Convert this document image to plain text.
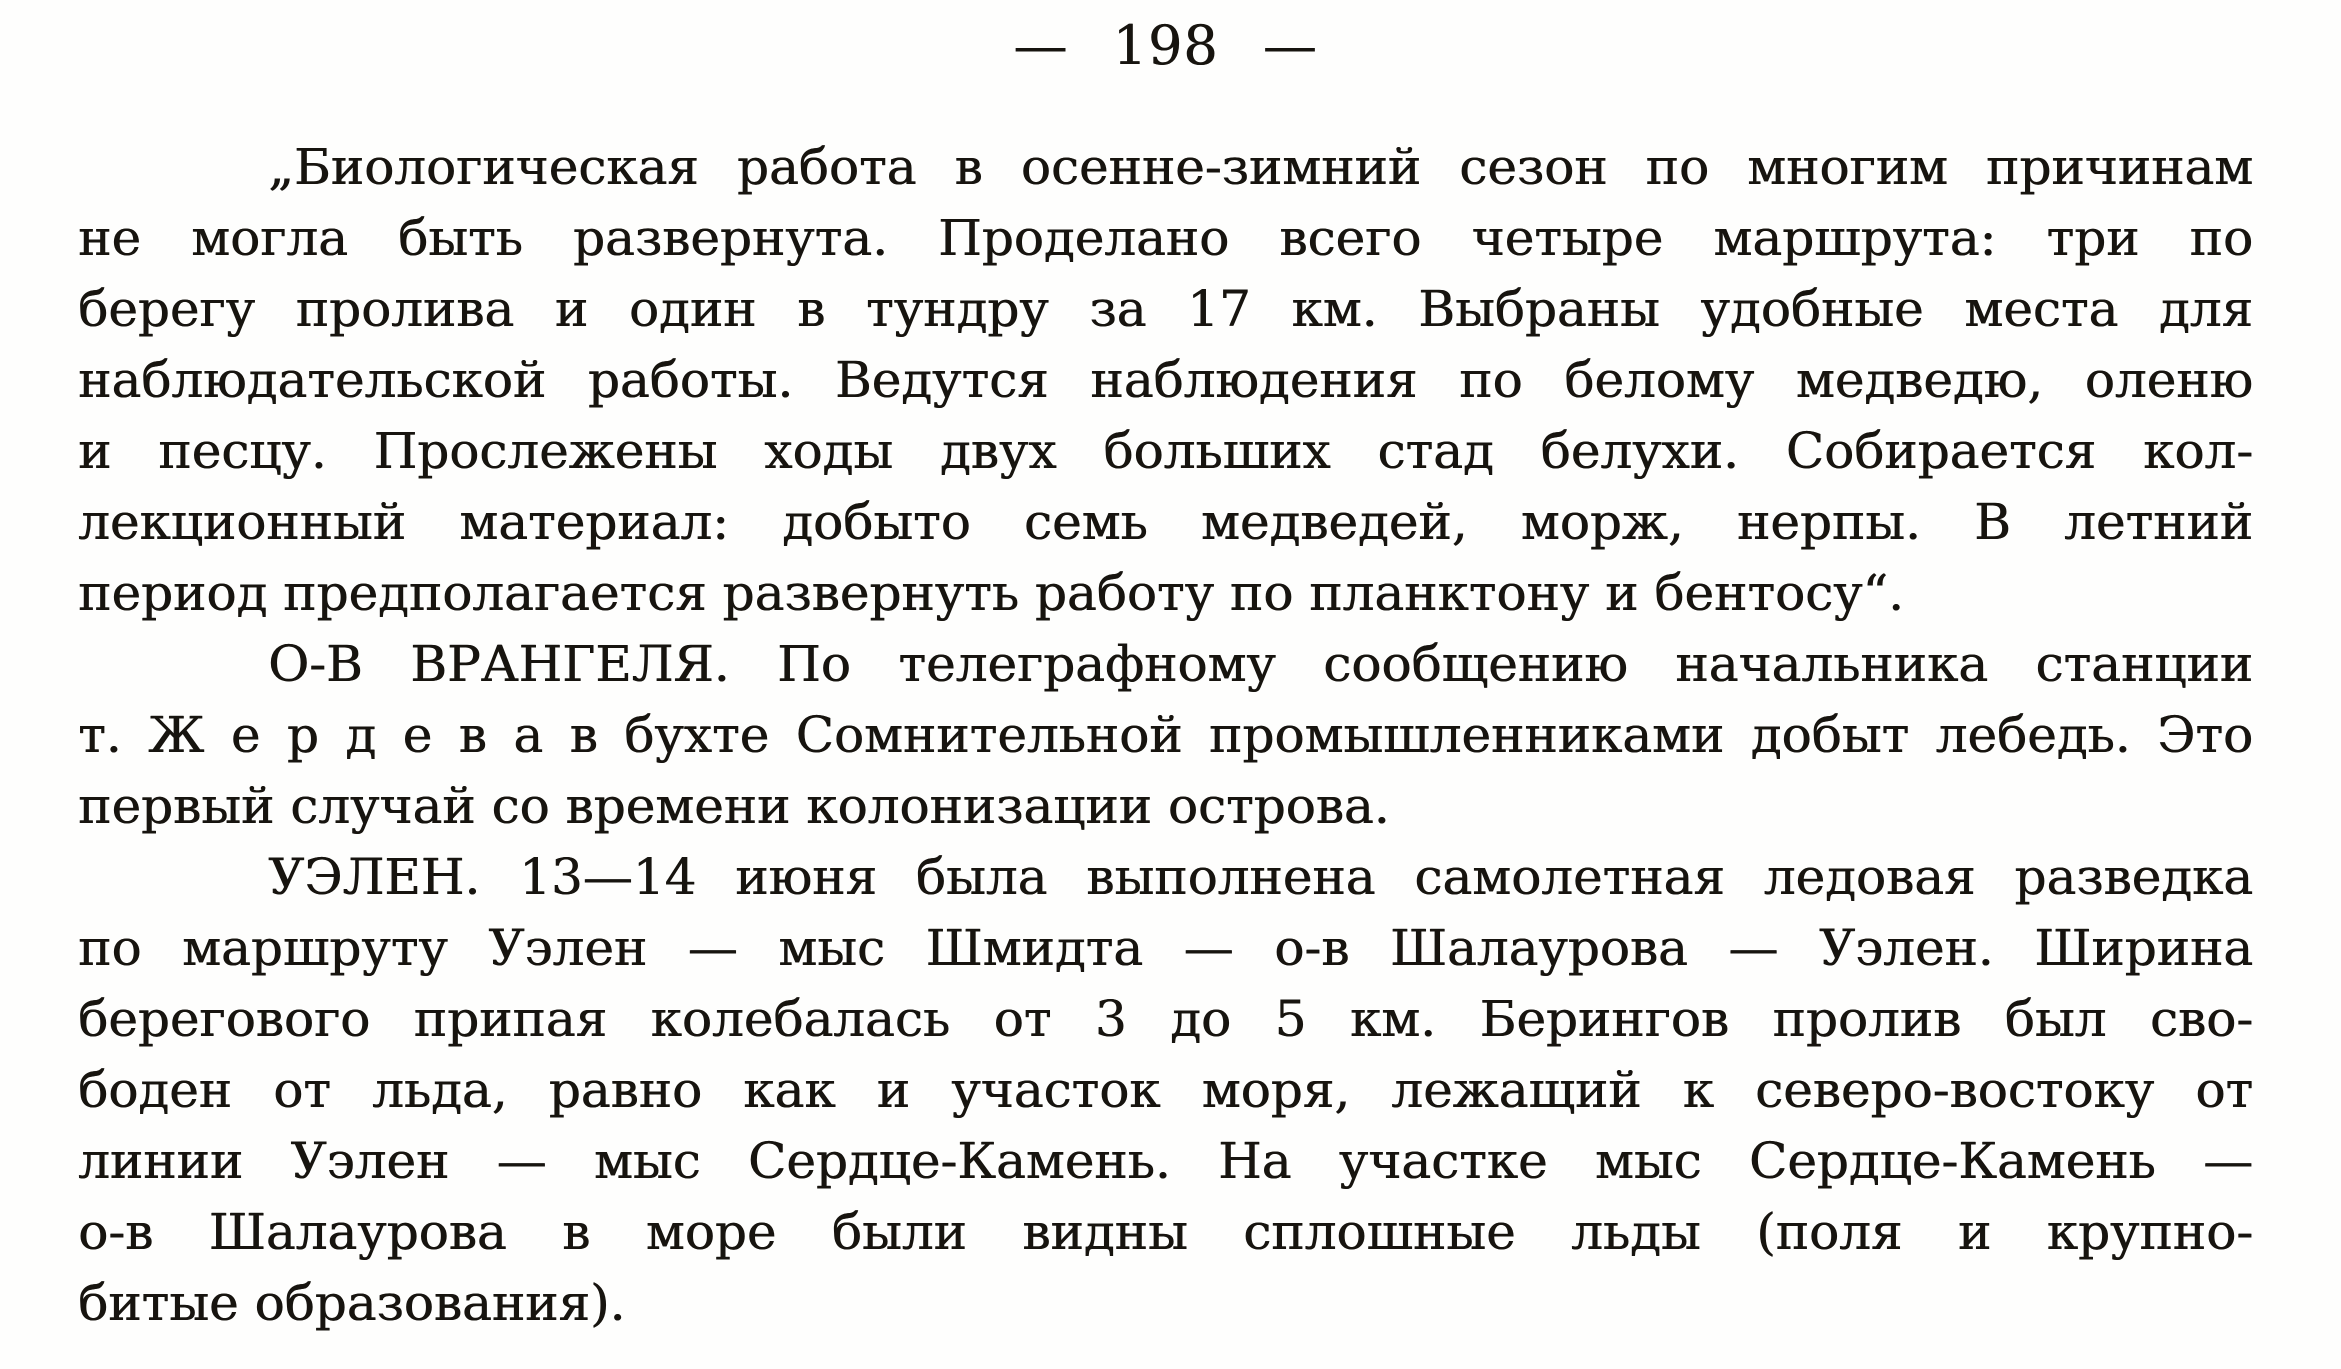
— 198 —
„Биологическая работа в осенне-зимний сезон по многим причинам
не могла быть развернута. Проделано всего четыре маршрута: три по
берегу пролива и один в тундру за 17 км. Выбраны удобные места для
наблюдательской работы. Ведутся наблюдения по белому медведю, оленю
и песцу. Прослежены ходы двух больших стад белухи. Собирается кол-
лекционный материал: добыто семь медведей, морж, нерпы. В летний
период предполагается развернуть работу по планктону и бентосу“.
О-В ВРАНГЕЛЯ. По телеграфному сообщению начальника станции
т. Ж е р д е в а в бухте Сомнительной промышленниками добыт лебедь. Это
первый случай со времени колонизации острова.
УЭЛЕН. 13—14 июня была выполнена самолетная ледовая разведка
по маршруту Уэлен — мыс Шмидта — о-в Шалаурова — Уэлен. Ширина
берегового припая колебалась от 3 до 5 км. Берингов пролив был сво-
боден от льда, равно как и участок моря, лежащий к северо-востоку от
линии Уэлен — мыс Сердце-Камень. На участке мыс Сердце-Камень —
о-в Шалаурова в море были видны сплошные льды (поля и крупно-
битые образования).
